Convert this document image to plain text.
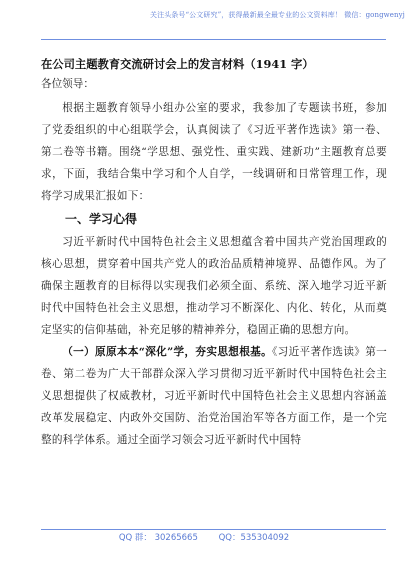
关注头条号“公文研究”，获得最新最全最专业的公文资料库！ 微信：gongwenyj

在公司主题教育交流研讨会上的发言材料（1941 字）

各位领导：

根据主题教育领导小组办公室的要求，我参加了专题读书班，参加了党委组织的中心组联学会，认真阅读了《习近平著作选读》第一卷、第二卷等书籍。围绕“学思想、强党性、重实践、建新功”主题教育总要求，下面，我结合集中学习和个人自学，一线调研和日常管理工作，现将学习成果汇报如下：

一、学习心得

习近平新时代中国特色社会主义思想蕴含着中国共产党治国理政的核心思想，贯穿着中国共产党人的政治品质精神境界、品德作风。为了确保主题教育的目标得以实现我们必须全面、系统、深入地学习近平新时代中国特色社会主义思想，推动学习不断深化、内化、转化，从而奠定坚实的信仰基础，补充足够的精神养分，稳固正确的思想方向。

（一）原原本本“深化”学，夯实思想根基。《习近平著作选读》第一卷、第二卷为广大干部群众深入学习贯彻习近平新时代中国特色社会主义思想提供了权威教材，习近平新时代中国特色社会主义思想内容涵盖改革发展稳定、内政外交国防、治党治国治军等各方面工作，是一个完整的科学体系。通过全面学习领会习近平新时代中国特

QQ 群： 30265665 QQ：535304092
